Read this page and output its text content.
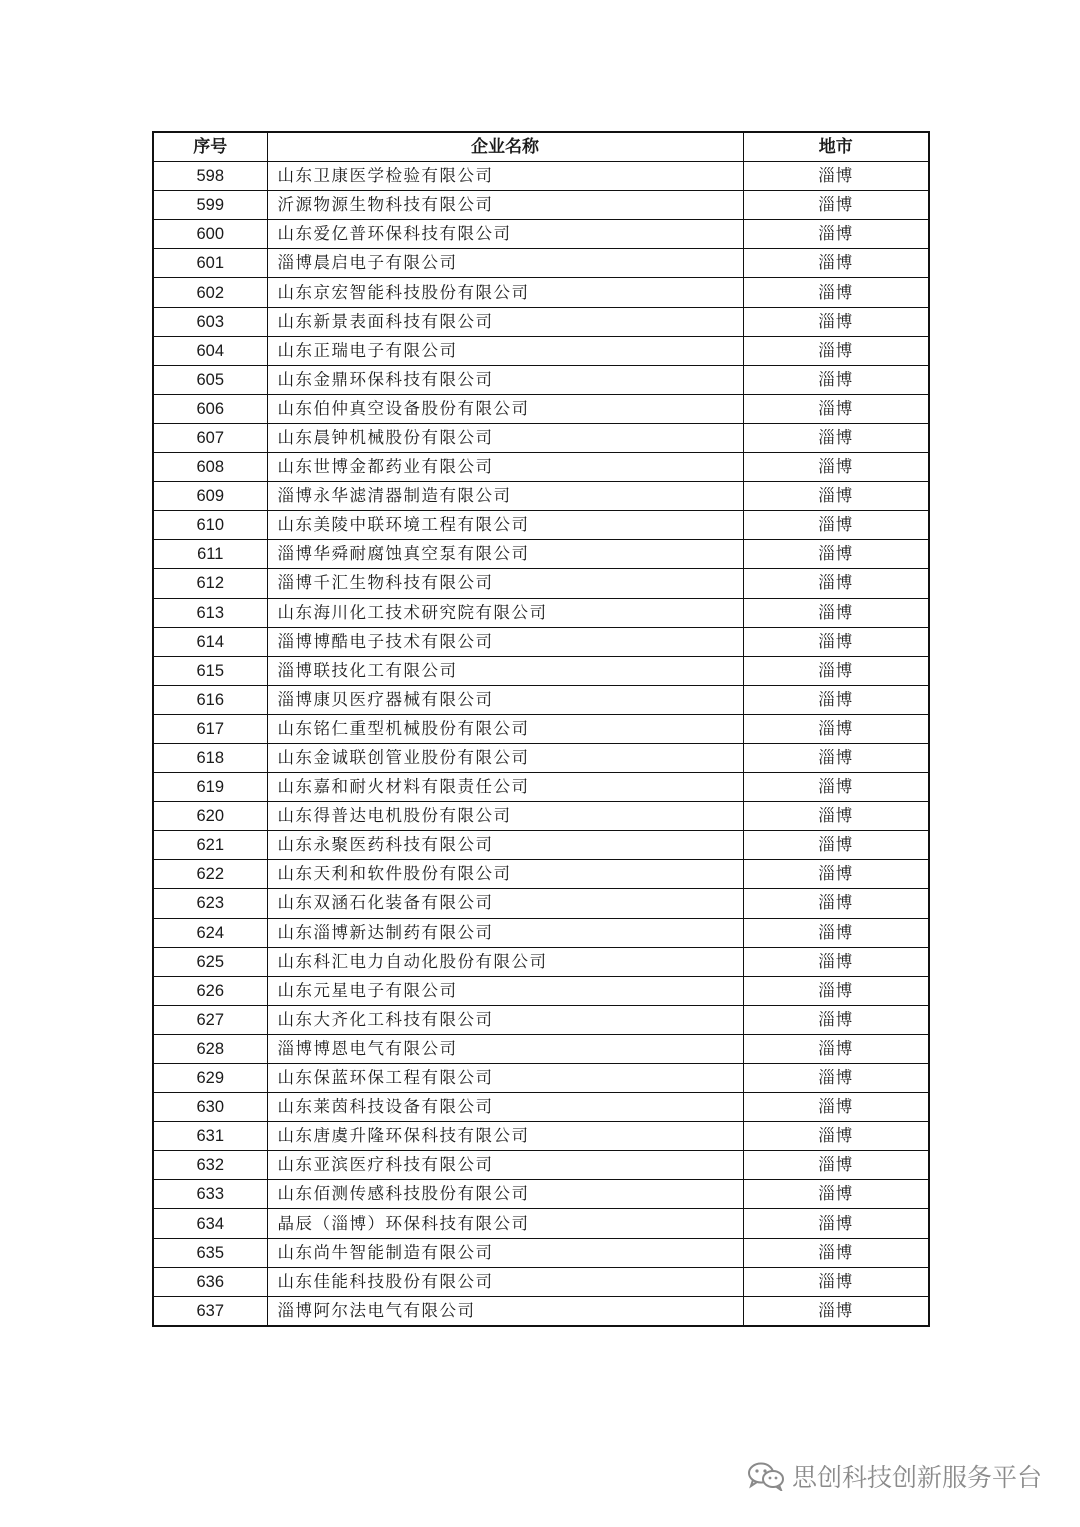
序号	企业名称	地市
598	山东卫康医学检验有限公司	淄博
599	沂源物源生物科技有限公司	淄博
600	山东爱亿普环保科技有限公司	淄博
601	淄博晨启电子有限公司	淄博
602	山东京宏智能科技股份有限公司	淄博
603	山东新景表面科技有限公司	淄博
604	山东正瑞电子有限公司	淄博
605	山东金鼎环保科技有限公司	淄博
606	山东伯仲真空设备股份有限公司	淄博
607	山东晨钟机械股份有限公司	淄博
608	山东世博金都药业有限公司	淄博
609	淄博永华滤清器制造有限公司	淄博
610	山东美陵中联环境工程有限公司	淄博
611	淄博华舜耐腐蚀真空泵有限公司	淄博
612	淄博千汇生物科技有限公司	淄博
613	山东海川化工技术研究院有限公司	淄博
614	淄博博酷电子技术有限公司	淄博
615	淄博联技化工有限公司	淄博
616	淄博康贝医疗器械有限公司	淄博
617	山东铭仁重型机械股份有限公司	淄博
618	山东金诚联创管业股份有限公司	淄博
619	山东嘉和耐火材料有限责任公司	淄博
620	山东得普达电机股份有限公司	淄博
621	山东永聚医药科技有限公司	淄博
622	山东天利和软件股份有限公司	淄博
623	山东双涵石化装备有限公司	淄博
624	山东淄博新达制药有限公司	淄博
625	山东科汇电力自动化股份有限公司	淄博
626	山东元星电子有限公司	淄博
627	山东大齐化工科技有限公司	淄博
628	淄博博恩电气有限公司	淄博
629	山东保蓝环保工程有限公司	淄博
630	山东莱茵科技设备有限公司	淄博
631	山东唐虞升隆环保科技有限公司	淄博
632	山东亚滨医疗科技有限公司	淄博
633	山东佰测传感科技股份有限公司	淄博
634	晶辰（淄博）环保科技有限公司	淄博
635	山东尚牛智能制造有限公司	淄博
636	山东佳能科技股份有限公司	淄博
637	淄博阿尔法电气有限公司	淄博
思创科技创新服务平台
